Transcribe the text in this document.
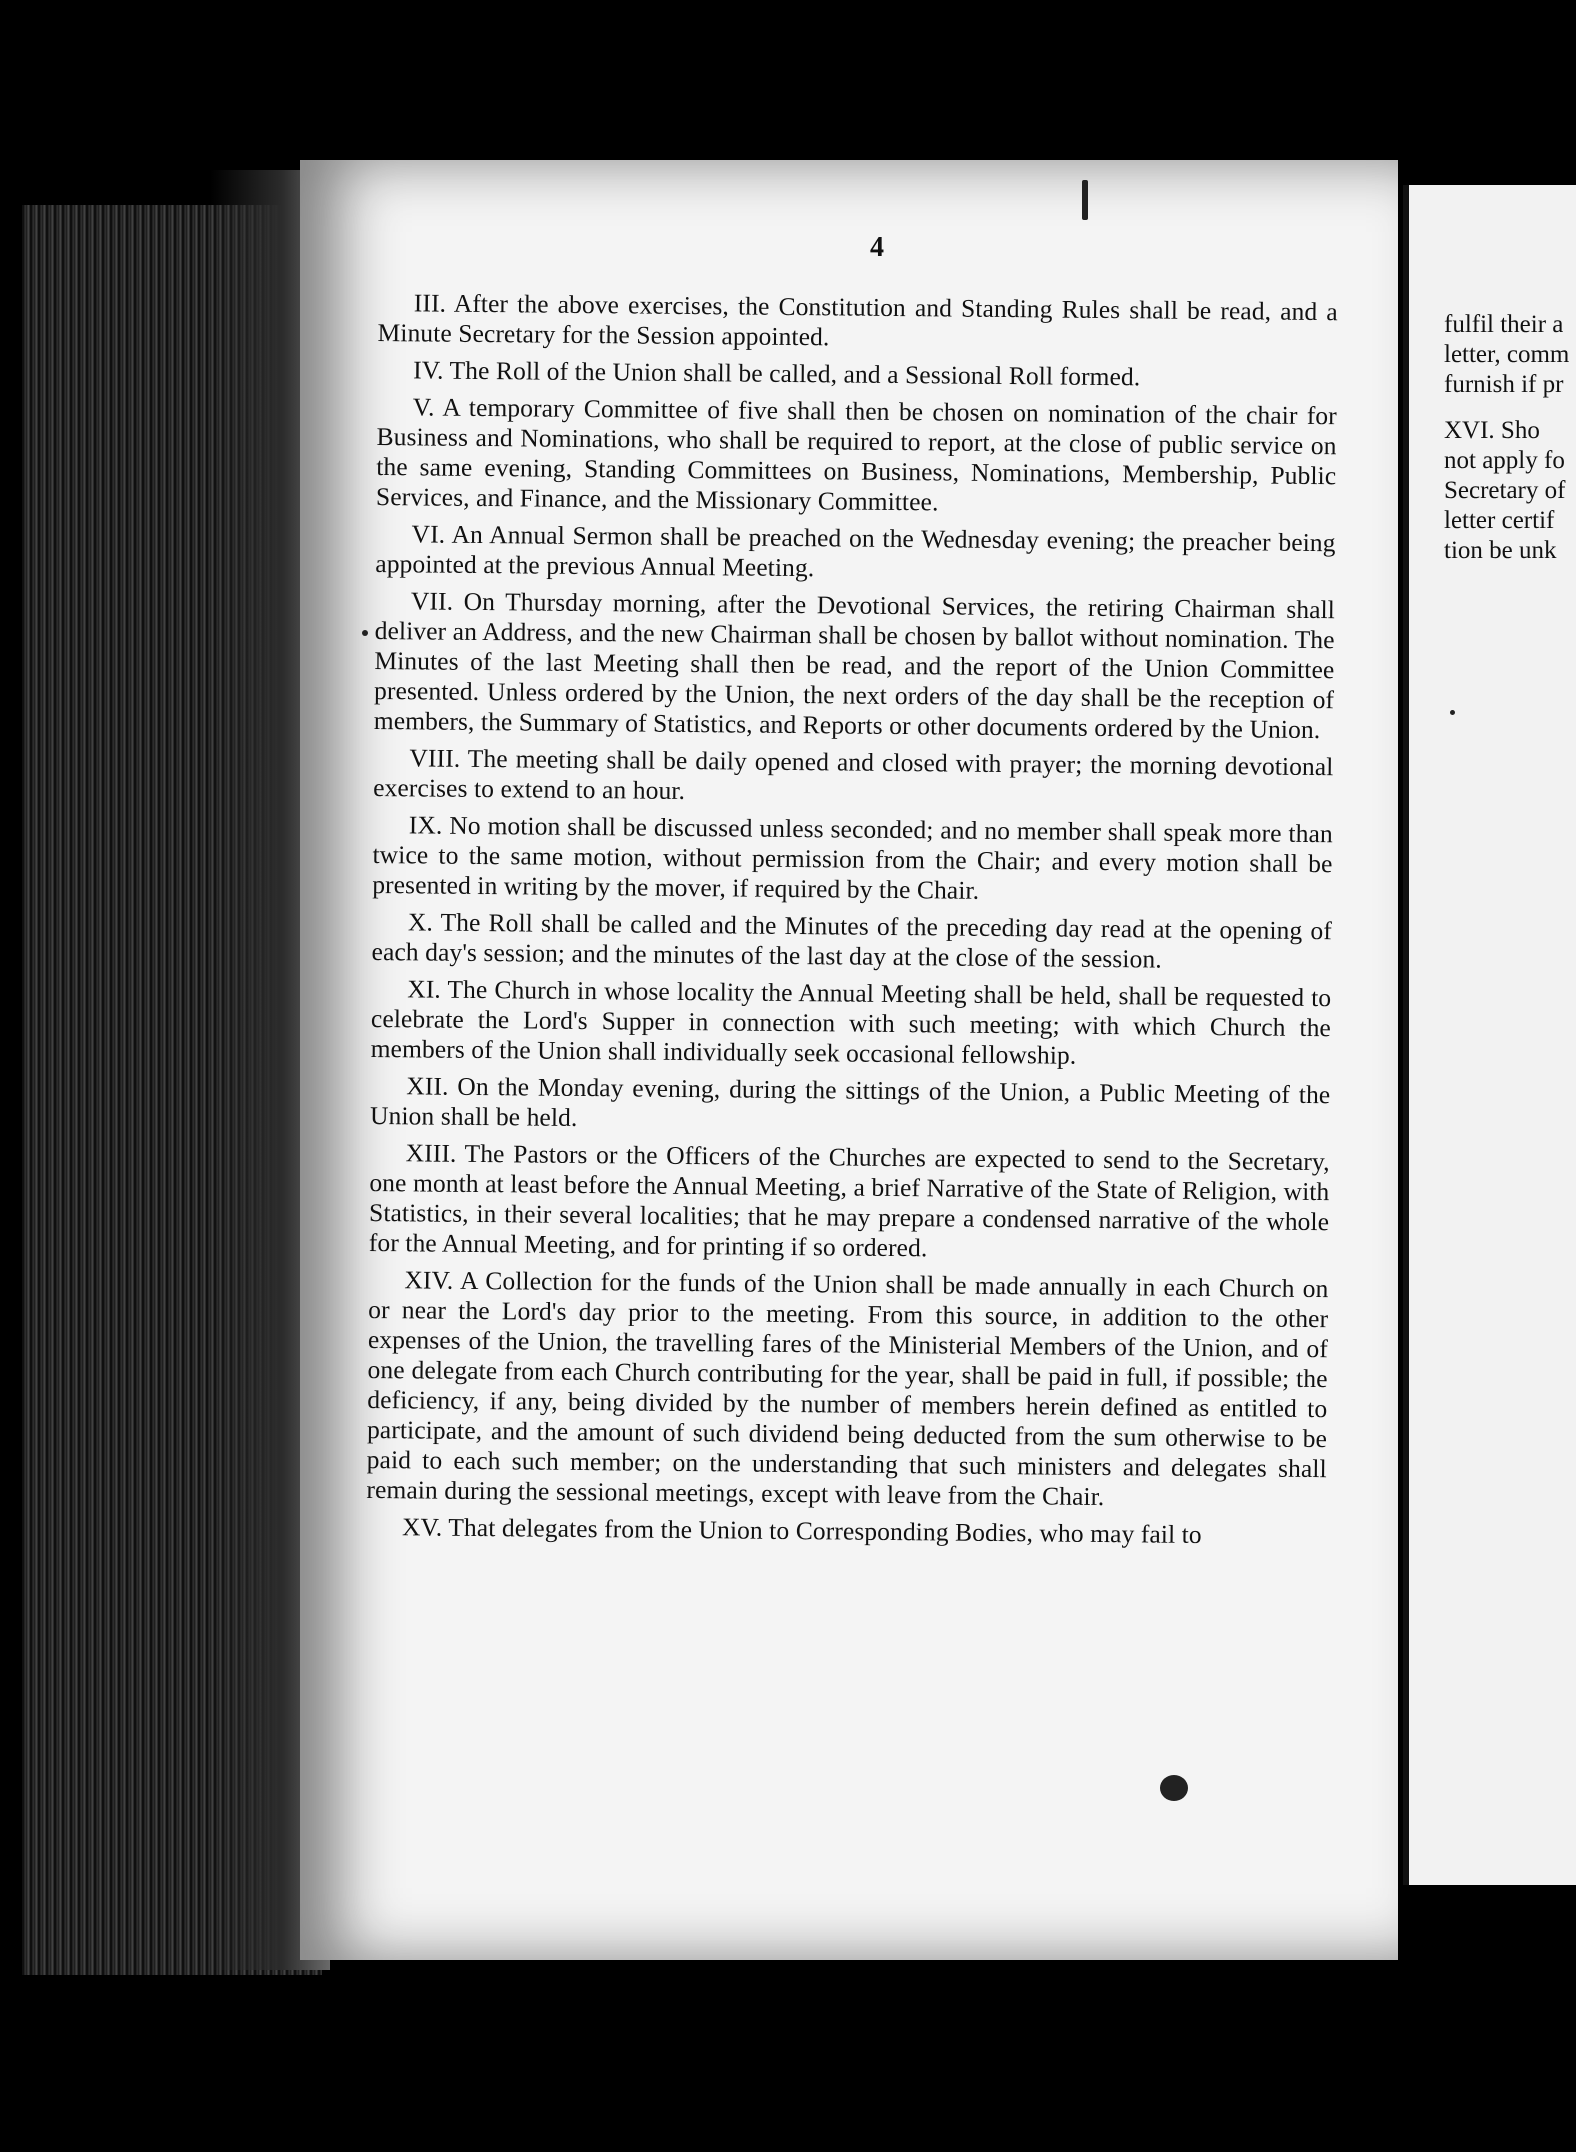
4

III. After the above exercises, the Constitution and Standing Rules shall be read, and a Minute Secretary for the Session appointed.

IV. The Roll of the Union shall be called, and a Sessional Roll formed.

V. A temporary Committee of five shall then be chosen on nomination of the chair for Business and Nominations, who shall be required to report, at the close of public service on the same evening, Standing Committees on Business, Nominations, Membership, Public Services, and Finance, and the Missionary Committee.

VI. An Annual Sermon shall be preached on the Wednesday evening; the preacher being appointed at the previous Annual Meeting.

VII. On Thursday morning, after the Devotional Services, the retiring Chairman shall deliver an Address, and the new Chairman shall be chosen by ballot without nomination. The Minutes of the last Meeting shall then be read, and the report of the Union Committee presented. Unless ordered by the Union, the next orders of the day shall be the reception of members, the Summary of Statistics, and Reports or other documents ordered by the Union.

VIII. The meeting shall be daily opened and closed with prayer; the morning devotional exercises to extend to an hour.

IX. No motion shall be discussed unless seconded; and no member shall speak more than twice to the same motion, without permission from the Chair; and every motion shall be presented in writing by the mover, if required by the Chair.

X. The Roll shall be called and the Minutes of the preceding day read at the opening of each day's session; and the minutes of the last day at the close of the session.

XI. The Church in whose locality the Annual Meeting shall be held, shall be requested to celebrate the Lord's Supper in connection with such meeting; with which Church the members of the Union shall individually seek occasional fellowship.

XII. On the Monday evening, during the sittings of the Union, a Public Meeting of the Union shall be held.

XIII. The Pastors or the Officers of the Churches are expected to send to the Secretary, one month at least before the Annual Meeting, a brief Narrative of the State of Religion, with Statistics, in their several localities; that he may prepare a condensed narrative of the whole for the Annual Meeting, and for printing if so ordered.

XIV. A Collection for the funds of the Union shall be made annually in each Church on or near the Lord's day prior to the meeting. From this source, in addition to the other expenses of the Union, the travelling fares of the Ministerial Members of the Union, and of one delegate from each Church contributing for the year, shall be paid in full, if possible; the deficiency, if any, being divided by the number of members herein defined as entitled to participate, and the amount of such dividend being deducted from the sum otherwise to be paid to each such member; on the understanding that such ministers and delegates shall remain during the sessional meetings, except with leave from the Chair.

XV. That delegates from the Union to Corresponding Bodies, who may fail to

fulfil their a
letter, comm
furnish if pr
XVI. Sho
not apply fo
Secretary of
letter certif
tion be unk
